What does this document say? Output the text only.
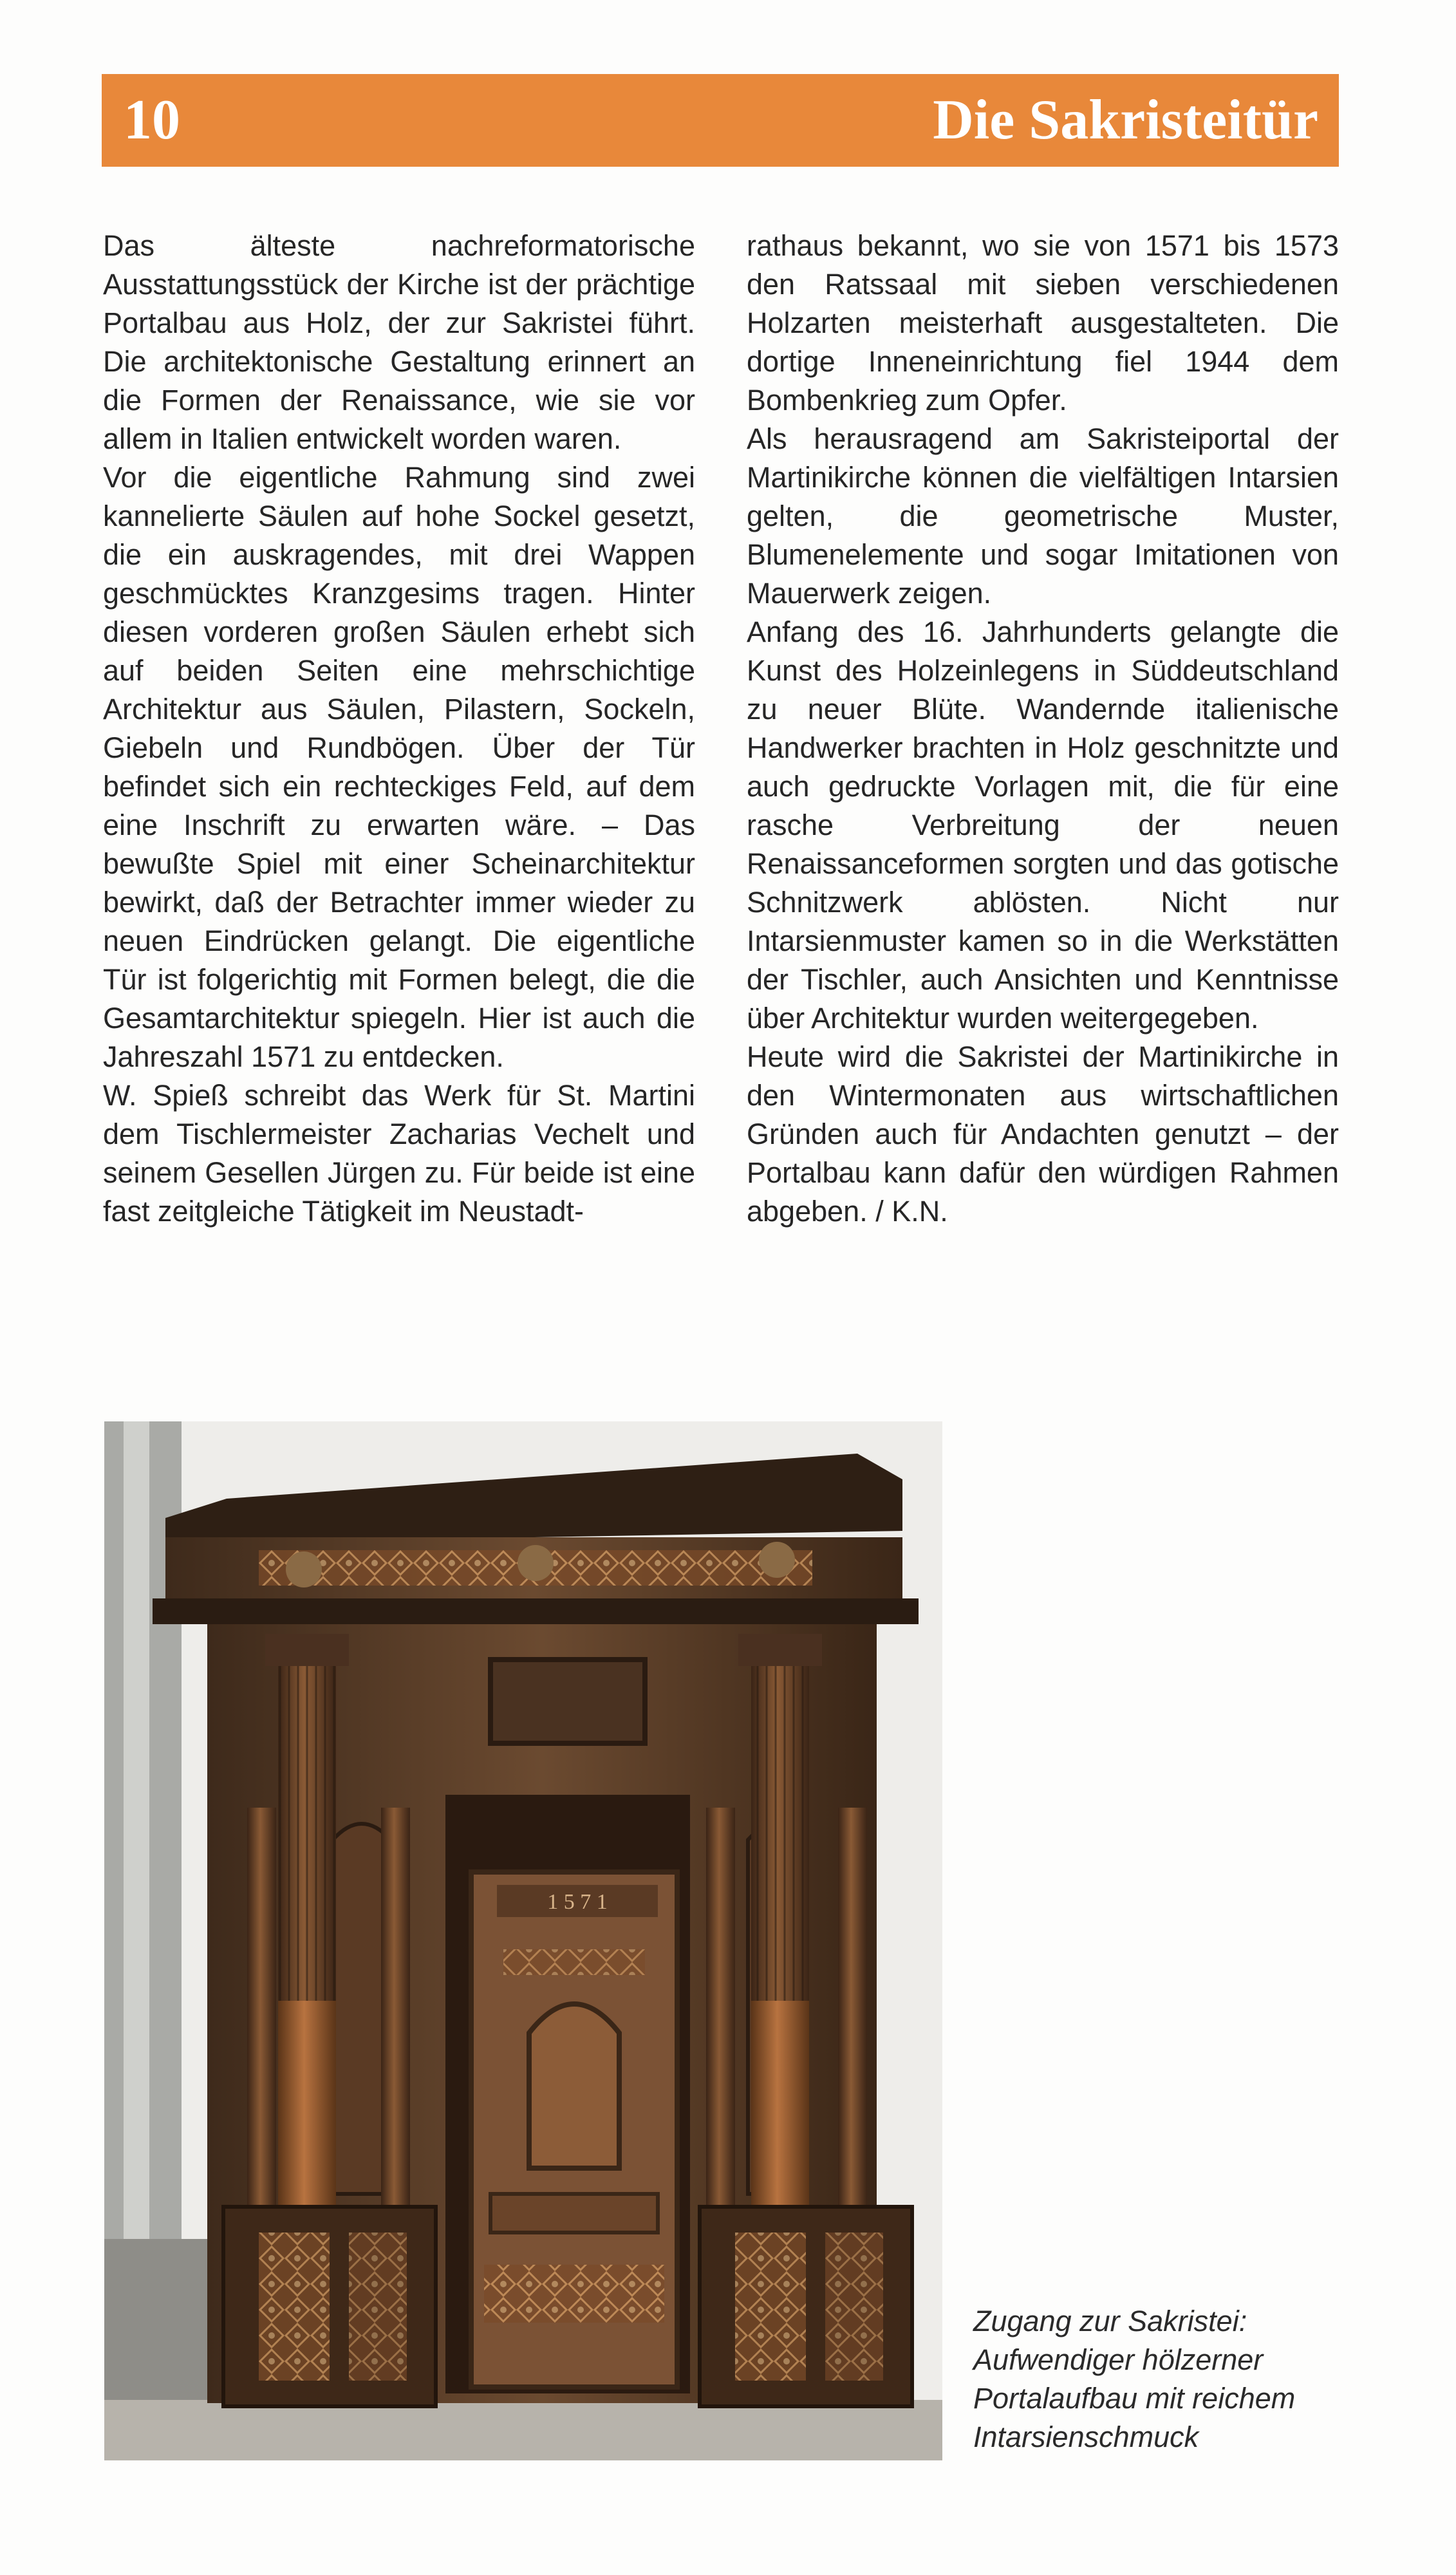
10	Die Sakristeitür

Das älteste nachreformatorische Ausstattungsstück der Kirche ist der prächtige Portalbau aus Holz, der zur Sakristei führt. Die architektonische Gestaltung erinnert an die Formen der Renaissance, wie sie vor allem in Italien entwickelt worden waren.

Vor die eigentliche Rahmung sind zwei kannelierte Säulen auf hohe Sockel gesetzt, die ein auskragendes, mit drei Wappen geschmücktes Kranzgesims tragen. Hinter diesen vorderen großen Säulen erhebt sich auf beiden Seiten eine mehrschichtige Architektur aus Säulen, Pilastern, Sockeln, Giebeln und Rundbögen. Über der Tür befindet sich ein rechteckiges Feld, auf dem eine Inschrift zu erwarten wäre. – Das bewußte Spiel mit einer Scheinarchitektur bewirkt, daß der Betrachter immer wieder zu neuen Eindrücken gelangt. Die eigentliche Tür ist folgerichtig mit Formen belegt, die die Gesamtarchitektur spiegeln. Hier ist auch die Jahreszahl 1571 zu entdecken.

W. Spieß schreibt das Werk für St. Martini dem Tischlermeister Zacharias Vechelt und seinem Gesellen Jürgen zu. Für beide ist eine fast zeitgleiche Tätigkeit im Neustadt-

rathaus bekannt, wo sie von 1571 bis 1573 den Ratssaal mit sieben verschiedenen Holzarten meisterhaft ausgestalteten. Die dortige Inneneinrichtung fiel 1944 dem Bombenkrieg zum Opfer.

Als herausragend am Sakristeiportal der Martinikirche können die vielfältigen Intarsien gelten, die geometrische Muster, Blumenelemente und sogar Imitationen von Mauerwerk zeigen.

Anfang des 16. Jahrhunderts gelangte die Kunst des Holzeinlegens in Süddeutschland zu neuer Blüte. Wandernde italienische Handwerker brachten in Holz geschnitzte und auch gedruckte Vorlagen mit, die für eine rasche Verbreitung der neuen Renaissanceformen sorgten und das gotische Schnitzwerk ablösten. Nicht nur Intarsienmuster kamen so in die Werkstätten der Tischler, auch Ansichten und Kenntnisse über Architektur wurden weitergegeben.

Heute wird die Sakristei der Martinikirche in den Wintermonaten aus wirtschaftlichen Gründen auch für Andachten genutzt – der Portalbau kann dafür den würdigen Rahmen abgeben. / K.N.

1 5 7 1
Zugang zur Sakristei:
Aufwendiger hölzerner
Portalaufbau mit reichem
Intarsienschmuck
